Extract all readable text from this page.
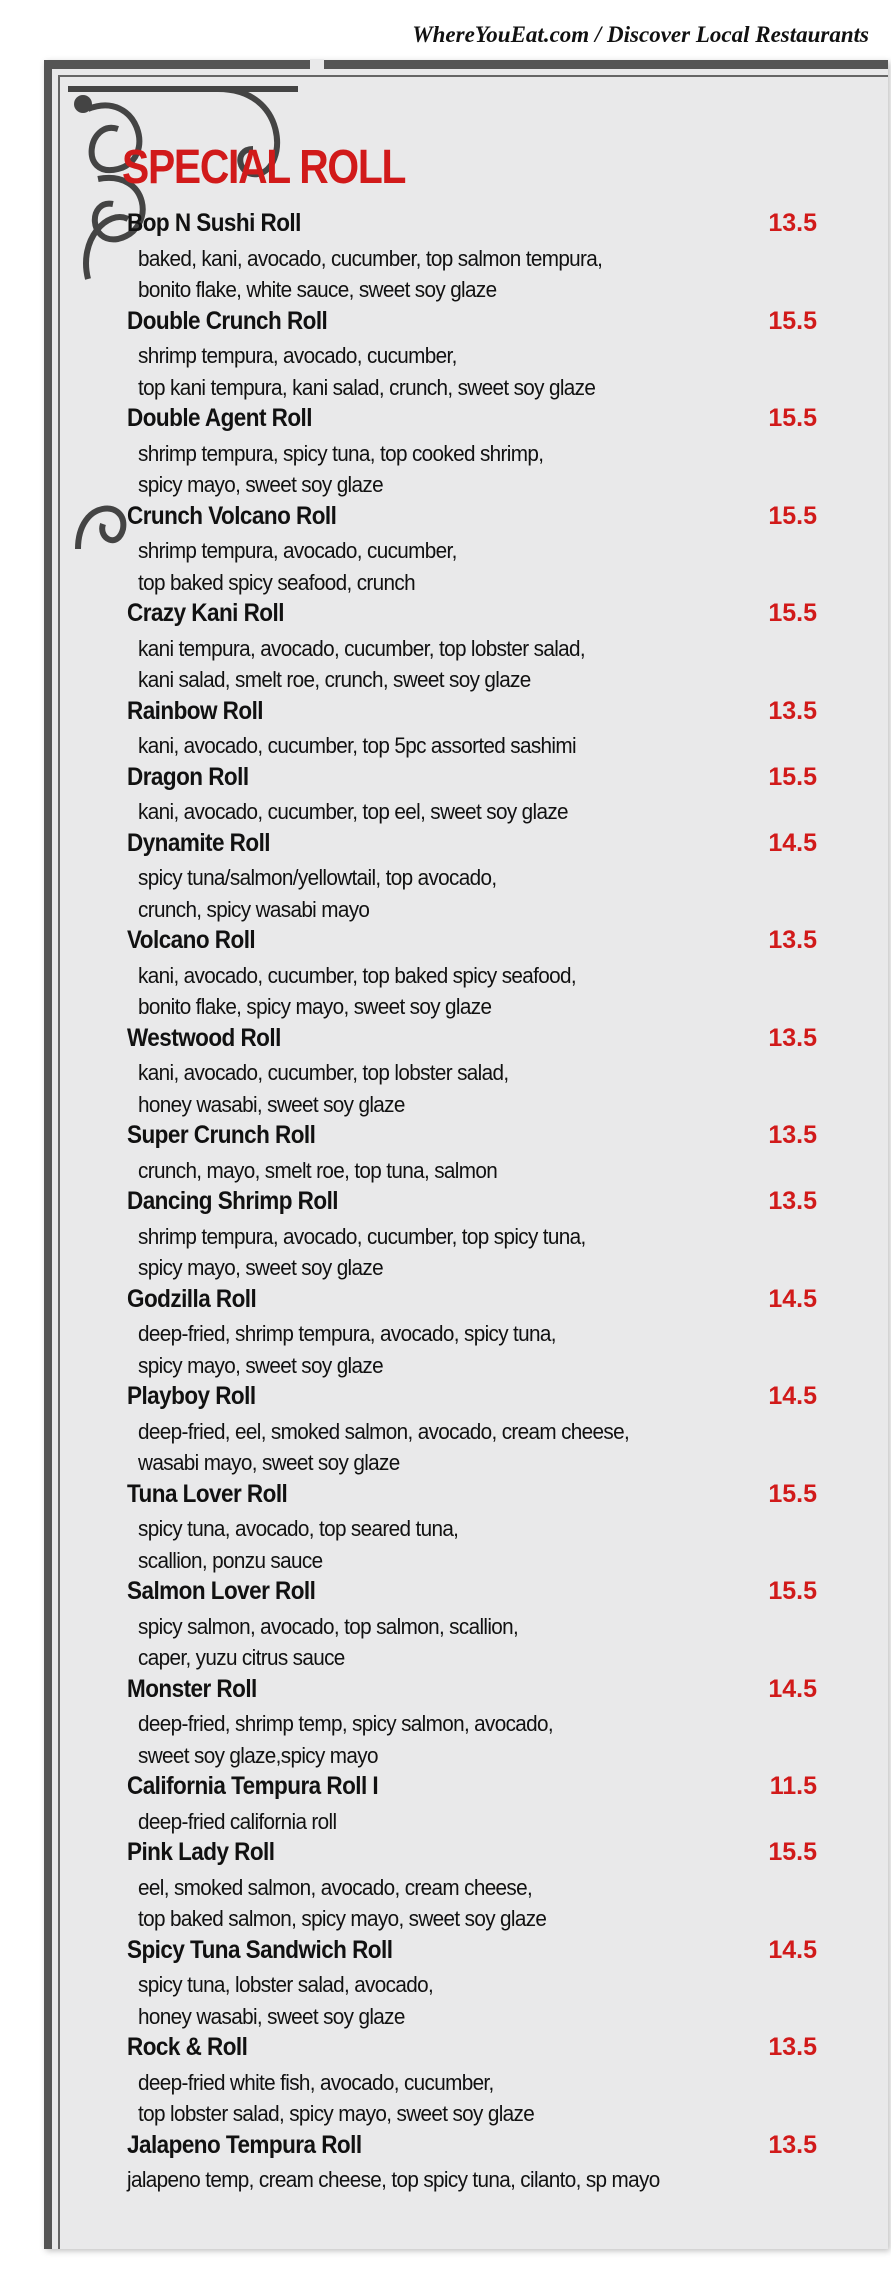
WhereYouEat.com / Discover Local Restaurants
SPECIAL ROLL
Bop N Sushi Roll	13.5
baked, kani, avocado, cucumber, top salmon tempura,
bonito flake, white sauce, sweet soy glaze
Double Crunch Roll	15.5
shrimp tempura, avocado, cucumber,
top kani tempura, kani salad, crunch, sweet soy glaze
Double Agent Roll	15.5
shrimp tempura, spicy tuna, top cooked shrimp,
spicy mayo, sweet soy glaze
Crunch Volcano Roll	15.5
shrimp tempura, avocado, cucumber,
top baked spicy seafood, crunch
Crazy Kani Roll	15.5
kani tempura, avocado, cucumber, top lobster salad,
kani salad, smelt roe, crunch, sweet soy glaze
Rainbow Roll	13.5
kani, avocado, cucumber, top 5pc assorted sashimi
Dragon Roll	15.5
kani, avocado, cucumber, top eel, sweet soy glaze
Dynamite Roll	14.5
spicy tuna/salmon/yellowtail, top avocado,
crunch, spicy wasabi mayo
Volcano Roll	13.5
kani, avocado, cucumber, top baked spicy seafood,
bonito flake, spicy mayo, sweet soy glaze
Westwood Roll	13.5
kani, avocado, cucumber, top lobster salad,
honey wasabi, sweet soy glaze
Super Crunch Roll	13.5
crunch, mayo, smelt roe, top tuna, salmon
Dancing Shrimp Roll	13.5
shrimp tempura, avocado, cucumber, top spicy tuna,
spicy mayo, sweet soy glaze
Godzilla Roll	14.5
deep-fried, shrimp tempura, avocado, spicy tuna,
spicy mayo, sweet soy glaze
Playboy Roll	14.5
deep-fried, eel, smoked salmon, avocado, cream cheese,
wasabi mayo, sweet soy glaze
Tuna Lover Roll	15.5
spicy tuna, avocado, top seared tuna,
scallion, ponzu sauce
Salmon Lover Roll	15.5
spicy salmon, avocado, top salmon, scallion,
caper, yuzu citrus sauce
Monster Roll	14.5
deep-fried, shrimp temp, spicy salmon, avocado,
sweet soy glaze,spicy mayo
California Tempura Roll I	11.5
deep-fried california roll
Pink Lady Roll	15.5
eel, smoked salmon, avocado, cream cheese,
top baked salmon, spicy mayo, sweet soy glaze
Spicy Tuna Sandwich Roll	14.5
spicy tuna, lobster salad, avocado,
honey wasabi, sweet soy glaze
Rock & Roll	13.5
deep-fried white fish, avocado, cucumber,
top lobster salad, spicy mayo, sweet soy glaze
Jalapeno Tempura Roll	13.5
jalapeno temp, cream cheese, top spicy tuna, cilanto, sp mayo
